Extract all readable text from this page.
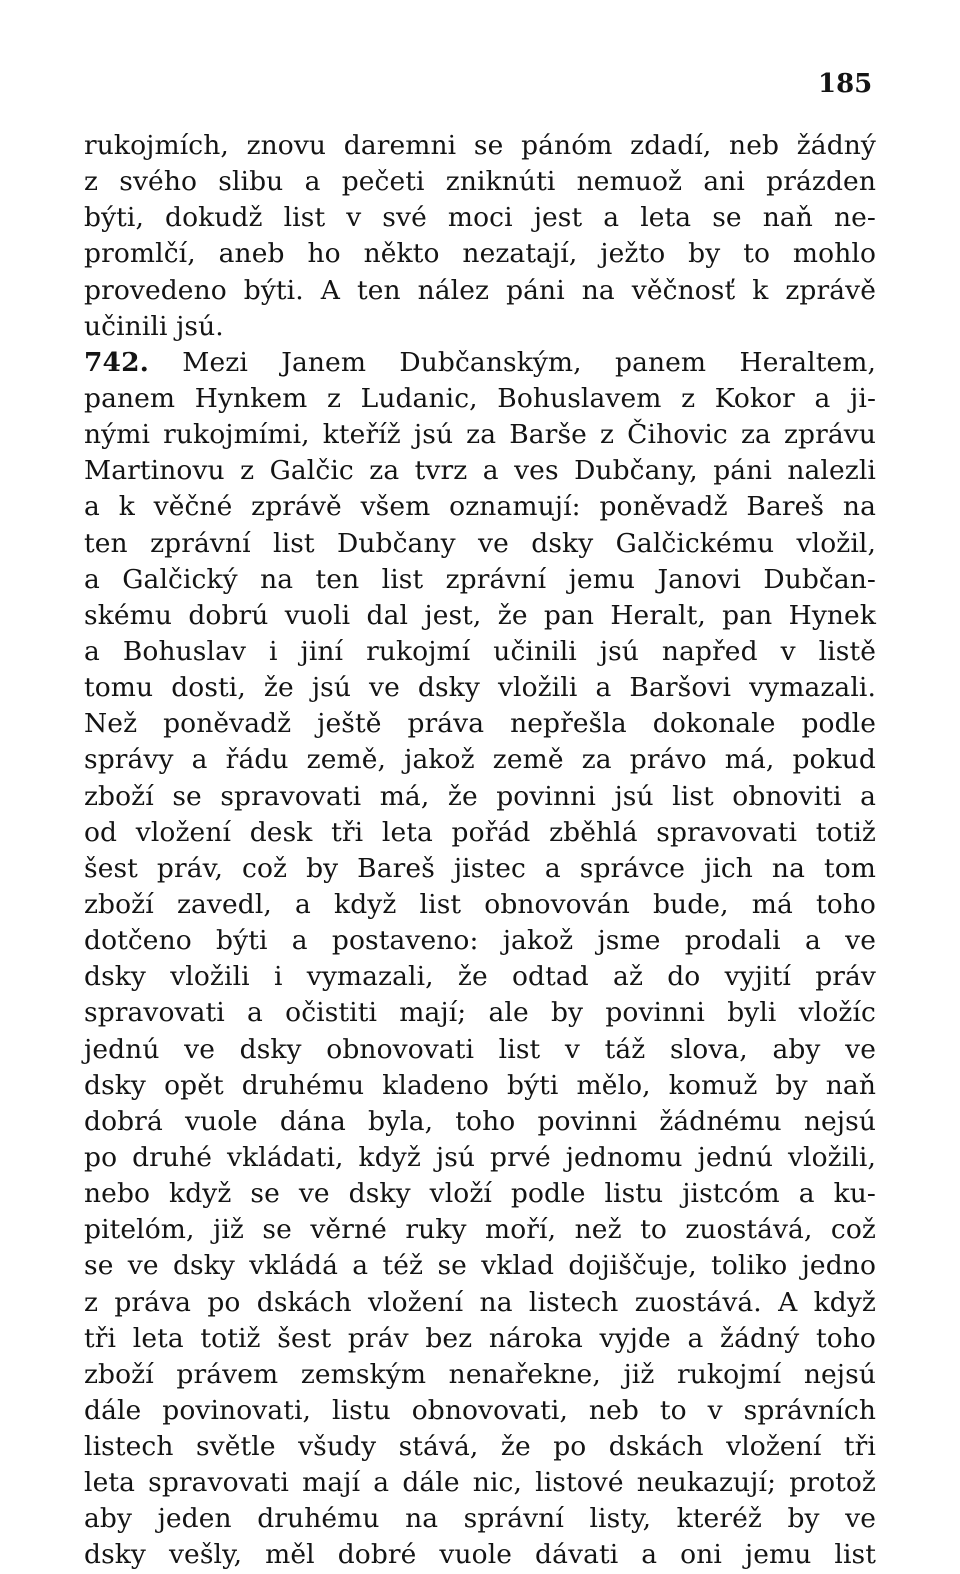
185
rukojmích, znovu daremni se pánóm zdadí, neb žádný
z svého slibu a pečeti zniknúti nemuož ani prázden
býti, dokudž list v své moci jest a leta se naň ne-
promlčí, aneb ho někto nezatají, ježto by to mohlo
provedeno býti. A ten nález páni na věčnosť k zprávě
učinili jsú.
742. Mezi Janem Dubčanským, panem Heraltem,
panem Hynkem z Ludanic, Bohuslavem z Kokor a ji-
nými rukojmími, kteříž jsú za Barše z Čihovic za zprávu
Martinovu z Galčic za tvrz a ves Dubčany, páni nalezli
a k věčné zprávě všem oznamují: poněvadž Bareš na
ten zprávní list Dubčany ve dsky Galčickému vložil,
a Galčický na ten list zprávní jemu Janovi Dubčan-
skému dobrú vuoli dal jest, že pan Heralt, pan Hynek
a Bohuslav i jiní rukojmí učinili jsú napřed v listě
tomu dosti, že jsú ve dsky vložili a Baršovi vymazali.
Než poněvadž ještě práva nepřešla dokonale podle
správy a řádu země, jakož země za právo má, pokud
zboží se spravovati má, že povinni jsú list obnoviti a
od vložení desk tři leta pořád zběhlá spravovati totiž
šest práv, což by Bareš jistec a správce jich na tom
zboží zavedl, a když list obnovován bude, má toho
dotčeno býti a postaveno: jakož jsme prodali a ve
dsky vložili i vymazali, že odtad až do vyjití práv
spravovati a očistiti mají; ale by povinni byli vložíc
jednú ve dsky obnovovati list v táž slova, aby ve
dsky opět druhému kladeno býti mělo, komuž by naň
dobrá vuole dána byla, toho povinni žádnému nejsú
po druhé vkládati, když jsú prvé jednomu jednú vložili,
nebo když se ve dsky vloží podle listu jistcóm a ku-
pitelóm, již se věrné ruky moří, než to zuostává, což
se ve dsky vkládá a též se vklad dojiščuje, toliko jedno
z práva po dskách vložení na listech zuostává. A když
tři leta totiž šest práv bez nároka vyjde a žádný toho
zboží právem zemským nenařekne, již rukojmí nejsú
dále povinovati, listu obnovovati, neb to v správních
listech světle všudy stává, že po dskách vložení tři
leta spravovati mají a dále nic, listové neukazují; protož
aby jeden druhému na správní listy, kteréž by ve
dsky vešly, měl dobré vuole dávati a oni jemu list
